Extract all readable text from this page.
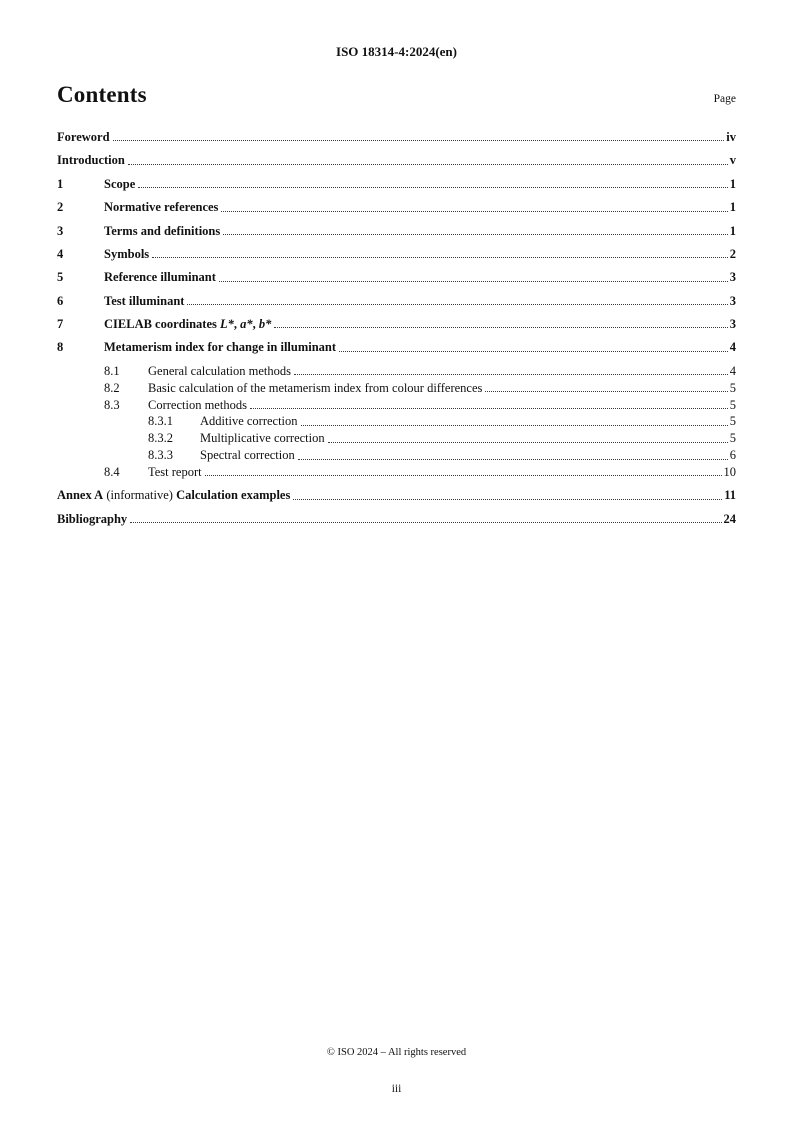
ISO 18314-4:2024(en)
Contents	Page
Foreword	iv
Introduction	v
1	Scope	1
2	Normative references	1
3	Terms and definitions	1
4	Symbols	2
5	Reference illuminant	3
6	Test illuminant	3
7	CIELAB coordinates L*, a*, b*	3
8	Metamerism index for change in illuminant	4
8.1	General calculation methods	4
8.2	Basic calculation of the metamerism index from colour differences	5
8.3	Correction methods	5
8.3.1	Additive correction	5
8.3.2	Multiplicative correction	5
8.3.3	Spectral correction	6
8.4	Test report	10
Annex A (informative) Calculation examples	11
Bibliography	24
© ISO 2024 – All rights reserved
iii
